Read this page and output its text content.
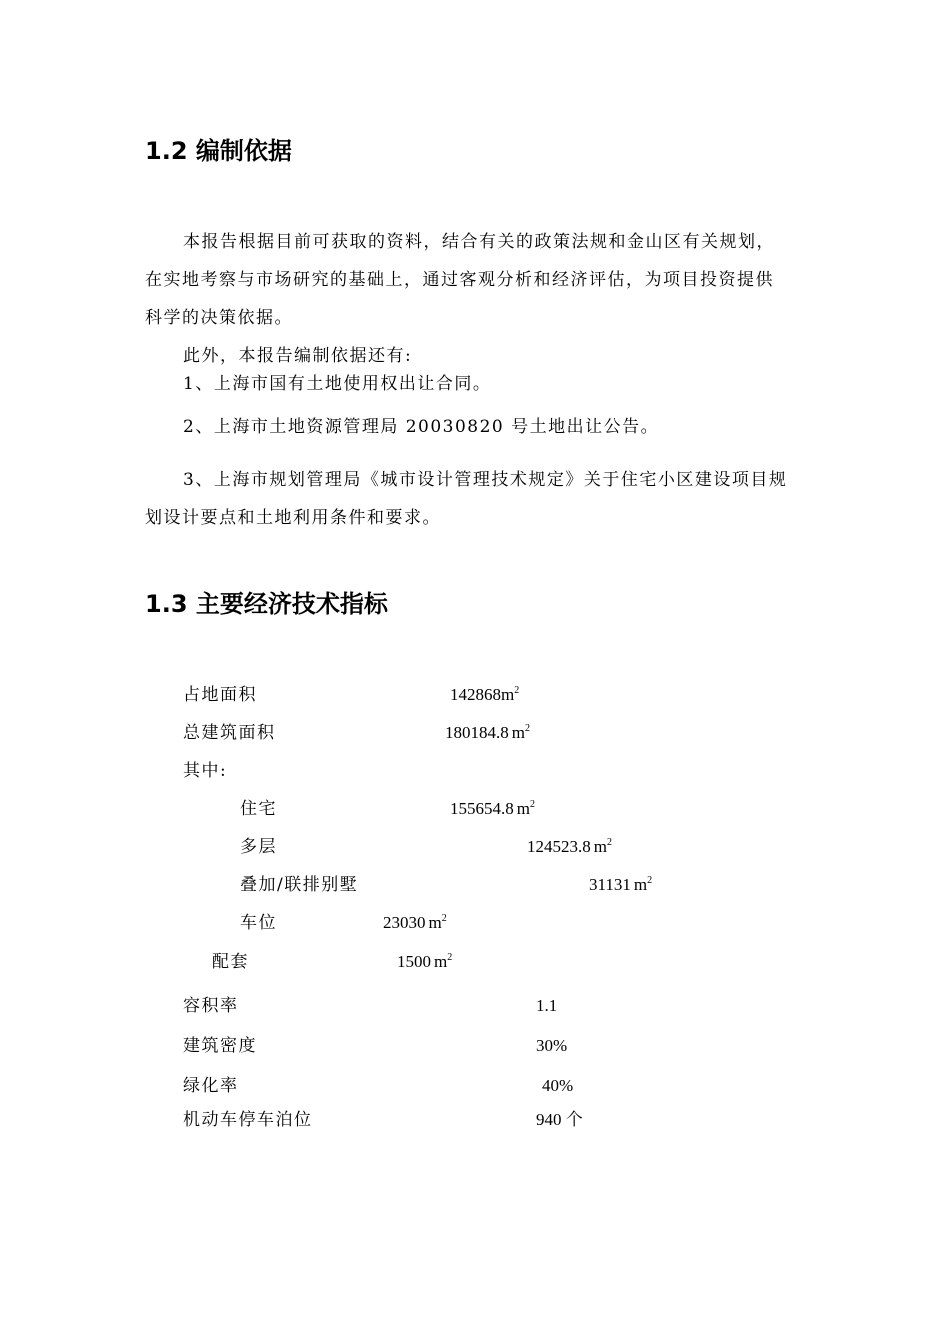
1.2 编制依据
本报告根据目前可获取的资料，结合有关的政策法规和金山区有关规划，
在实地考察与市场研究的基础上，通过客观分析和经济评估，为项目投资提供
科学的决策依据。
此外，本报告编制依据还有:
1、上海市国有土地使用权出让合同。
2、上海市土地资源管理局 20030820 号土地出让公告。
3、上海市规划管理局《城市设计管理技术规定》关于住宅小区建设项目规
划设计要点和土地利用条件和要求。
1.3 主要经济技术指标
占地面积	$142868m^2$
总建筑面积	180184.8 $m^2$
其中:
住宅	155654.8 $m^2$
多层	124523.8 $m^2$
叠加/联排别墅	31131 $m^2$
车位	23030 $m^2$
配套	1500 $m^2$
容积率	1.1
建筑密度	30%
绿化率	40%
机动车停车泊位	940 个
